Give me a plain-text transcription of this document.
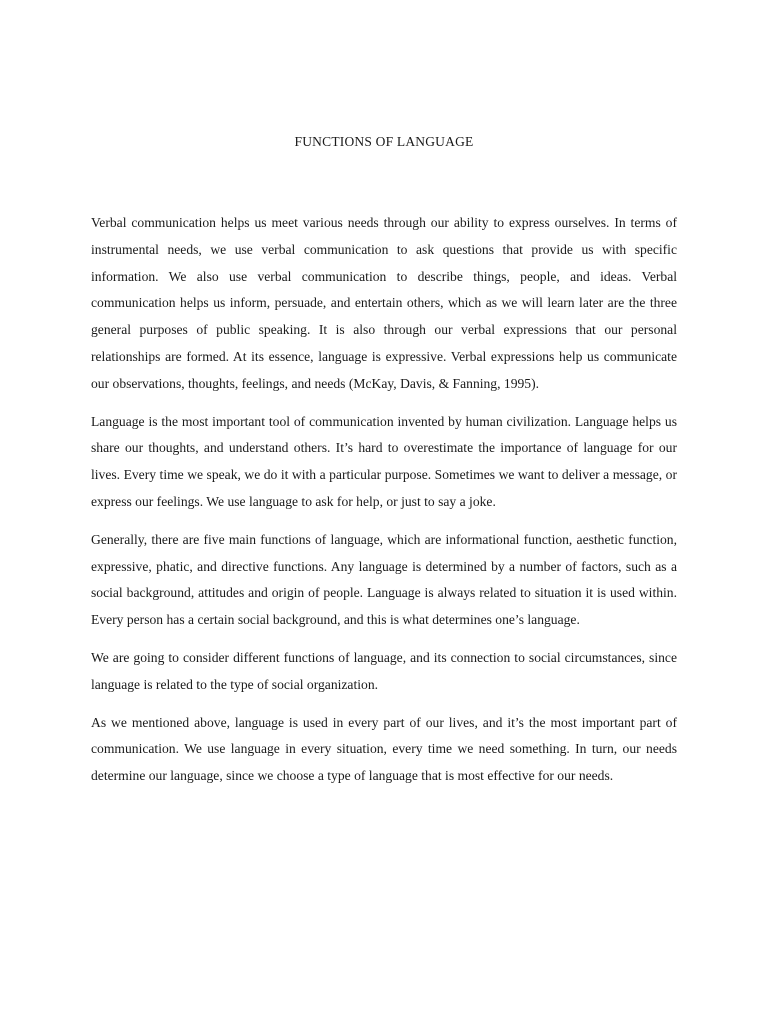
FUNCTIONS OF LANGUAGE

Verbal communication helps us meet various needs through our ability to express ourselves. In terms of instrumental needs, we use verbal communication to ask questions that provide us with specific information. We also use verbal communication to describe things, people, and ideas. Verbal communication helps us inform, persuade, and entertain others, which as we will learn later are the three general purposes of public speaking. It is also through our verbal expressions that our personal relationships are formed. At its essence, language is expressive. Verbal expressions help us communicate our observations, thoughts, feelings, and needs (McKay, Davis, & Fanning, 1995).

Language is the most important tool of communication invented by human civilization. Language helps us share our thoughts, and understand others. It’s hard to overestimate the importance of language for our lives. Every time we speak, we do it with a particular purpose. Sometimes we want to deliver a message, or express our feelings. We use language to ask for help, or just to say a joke.

Generally, there are five main functions of language, which are informational function, aesthetic function, expressive, phatic, and directive functions. Any language is determined by a number of factors, such as a social background, attitudes and origin of people. Language is always related to situation it is used within. Every person has a certain social background, and this is what determines one’s language.

We are going to consider different functions of language, and its connection to social circumstances, since language is related to the type of social organization.

As we mentioned above, language is used in every part of our lives, and it’s the most important part of communication. We use language in every situation, every time we need something. In turn, our needs determine our language, since we choose a type of language that is most effective for our needs.
